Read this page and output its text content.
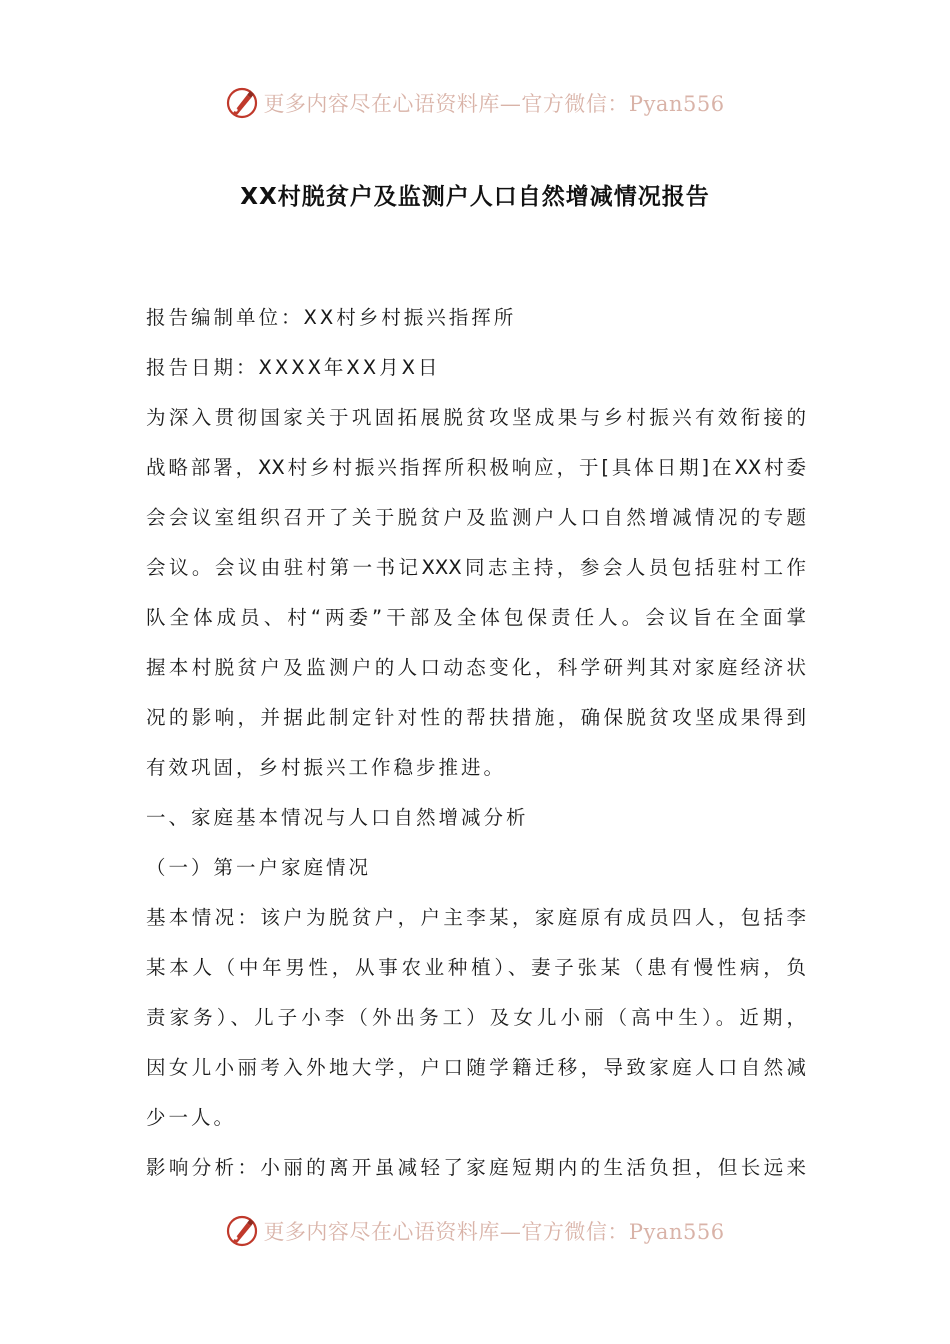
更多内容尽在心语资料库—官方微信：Pyan556
XX村脱贫户及监测户人口自然增减情况报告
报告编制单位：XX村乡村振兴指挥所
报告日期：XXXX年XX月X日
为深入贯彻国家关于巩固拓展脱贫攻坚成果与乡村振兴有效衔接的
战略部署，XX村乡村振兴指挥所积极响应，于[具体日期]在XX村委
会会议室组织召开了关于脱贫户及监测户人口自然增减情况的专题
会议。会议由驻村第一书记XXX同志主持，参会人员包括驻村工作
队全体成员、村“两委”干部及全体包保责任人。会议旨在全面掌
握本村脱贫户及监测户的人口动态变化，科学研判其对家庭经济状
况的影响，并据此制定针对性的帮扶措施，确保脱贫攻坚成果得到
有效巩固，乡村振兴工作稳步推进。
一、家庭基本情况与人口自然增减分析
（一）第一户家庭情况
基本情况：该户为脱贫户，户主李某，家庭原有成员四人，包括李
某本人（中年男性，从事农业种植）、妻子张某（患有慢性病，负
责家务）、儿子小李（外出务工）及女儿小丽（高中生）。近期，
因女儿小丽考入外地大学，户口随学籍迁移，导致家庭人口自然减
少一人。
影响分析：小丽的离开虽减轻了家庭短期内的生活负担，但长远来
更多内容尽在心语资料库—官方微信：Pyan556
